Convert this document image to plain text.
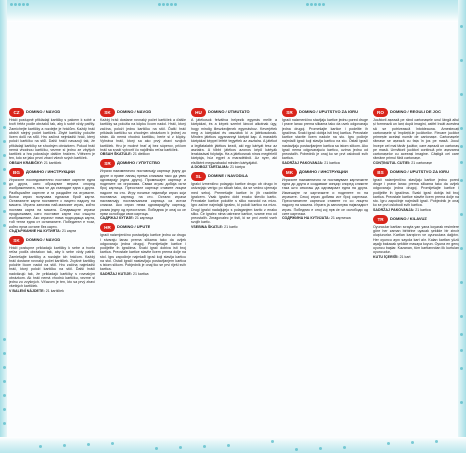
CZ	DOMINO / NÁVOD

Hráči postupně přikládají kartičky s palcem k sobě a tvoří řetěz podle obrázků tak, aby k sobě vždy patřily. Zamíchejte kartičky a rozdejte je hráčům. Každý hráč obdrží stejný počet kartiček. Zbylé kartičky položte lícem dolů na stůl. Hru začíná nejmladší hráč, který položí kartičku na stůl. Další hráči navazují tak, že přikládají kartičky se shodným obrázkem. Pokud hráč nemá vhodnou kartičku, vezme si jednu ze zbylých kartiček a hra pokračuje dalším hráčem. Vítězem je ten, kdo se jako první zbaví všech svých kartiček.

OBSAH KRABIČKY: 21 kartiček
BG	ДОМИНО / ИНСТРУКЦИИ

Играчите последователно поставят картите една до друга, като образуват верига според изображенията, така че да съвпадат една с друга. Разбъркайте картите и ги раздайте на играчите. Всеки играч получава еднакъв брой карти. Останалите карти поставете с лицето надолу на масата. Играта започва най-малкият играч, който поставя карта на масата. Следващите играчи продължават, като поставят карти със същото изображение. Ако играчът няма подходяща карта, той тегли една от останалите. Победител е този, който пръв остане без карти.

СЪДЪРЖАНИЕ НА КУТИЯТА: 21 карти
SK	DOMINO / NÁVOD

Hráči postupne prikladajú kartičky k sebe a tvoria reťaz podľa obrázkov tak, aby k sebe vždy patrili. Zamiešajte kartičky a rozdajte ich hráčom. Každý hráč dostane rovnaký počet kartičiek. Zvyšné kartičky položte lícom nadol na stôl. Hru začína najmladší hráč, ktorý položí kartičku na stôl. Ďalší hráči nadväzujú tak, že prikladajú kartičky s rovnakým obrázkom. Ak hráč nemá vhodnú kartičku, vezme si jednu zo zvyšných. Víťazom je ten, kto sa prvý zbaví všetkých kartičiek.

V BALENÍ NÁJDETE: 21 kartičiek
SK	DOMINO / NÁVOD

Každý hráč dostane rovnaký počet kartičiek a ďalšie kartičky sa položia na kôpku lícom nadol. Hráč, ktorý začína, položí jednu kartičku na stôl. Ďalší hráč prikladá kartičku so zhodným obrázkom k jednej zo strán. Ak nemá vhodnú kartičku, berie si z kôpky. Vyhráva hráč, ktorý sa ako prvý zbaví svojich kartičiek. Hru je možné hrať aj bez súperov, pričom hráč sa snaží vytvoriť čo najdlhšiu reťaz kartičiek.

OBSAH ŠKATULE: 21 dielikov
SR	ДОМИНО / УПУТСТВО

Играчи наизменично постављају картице једну до друге и праве ланац према сликама тако да увек одговарају једна другој. Промешајте картице и поделите их играчима. Сваки играч добија исти број картица. Преостале картице ставите лицем надоле на сто. Игру почиње најмлађи играч који поставља картицу на сто. Остали играчи настављају постављањем картица са истом сликом. Ако играч нема одговарајућу картицу, узима једну од преосталих. Победник је онај ко се први ослободи свих картица.

САДРЖАЈ КУТИЈЕ: 21 картица
HR	DOMINO / UPUTE

Igrači naizmjenično postavljaju kartice jednu uz drugu i stvaraju lanac prema slikama tako da uvijek odgovaraju jedna drugoj. Promiješajte kartice i podijelite ih igračima. Svaki igrač dobiva isti broj kartica. Preostale kartice stavite licem prema dolje na stol. Igru započinje najmlađi igrač koji stavlja karticu na stol. Ostali igrači nastavljaju postavljanjem kartica s istom slikom. Pobjednik je onaj tko se prvi riješi svih kartica.

SADRŽAJ KUTIJE: 21 kartica
HU	DOMINÓ / ÚTMUTATÓ

A játékosok felváltva helyezik egymás mellé a kártyákat, és a képek szerint láncot alkotnak úgy, hogy mindig illeszkedjenek egymáshoz. Keverjétek meg a kártyákat és osszátok ki a játékosoknak. Minden játékos ugyanannyi kártyát kap. A maradék kártyákat képpel lefelé tegyétek az asztalra. A játékot a legfiatalabb játékos kezdi, aki egy kártyát tesz az asztalra. A többi játékos azonos képű kártyák lerakásával folytatja. Ha a játékosnak nincs megfelelő kártyája, húz egyet a maradékból. Az nyer, aki elsőként megszabadul minden kártyájától.

A DOBOZ TARTALMA: 21 kártya
SL	DOMINE / NAVODILA

Igralci izmenično polagajo kartice drugo ob drugo in ustvarjajo verigo po slikah tako, da se vedno ujemajo med seboj. Premešajte kartice in jih razdelite igralcem. Vsak igralec dobi enako število kartic. Preostale kartice položite s sliko navzdol na mizo. Igro začne najmlajši igralec, ki položi kartico na mizo. Drugi igralci nadaljujejo s polaganjem kartic z enako sliko. Če igralec nima ustrezne kartice, vzame eno od preostalih. Zmagovalec je tisti, ki se prvi znebi vseh svojih kartic.

VSEBINA ŠKATLE: 21 kartic
SR	DOMINO / UPUTSTVO ZA IGRU

Igrači naizmenično stavljaju kartice jednu pored druge i prave lanac prema slikama tako da uvek odgovaraju jedna drugoj. Promešajte kartice i podelite ih igračima. Svaki igrač dobija isti broj kartica. Preostale kartice stavite licem nadole na sto. Igru počinje najmlađi igrač koji stavlja karticu na sto. Ostali igrači nastavljaju postavljanjem kartica sa istom slikom. Ako igrač nema odgovarajuću karticu, uzima jednu od preostalih. Pobednik je onaj ko se prvi oslobodi svih kartica.

SADRŽAJ PAKOVANJA: 21 kartica
MK	ДОМИНО / ИНСТРУКЦИИ

Играчите наизменично ги поставуваат картичките една до друга и создаваат синџир според сликите така што секогаш да одговараат една на друга. Измешајте ги картичките и поделете ги на играчите. Секој играч добива ист број картички. Преостанатите картички ставете ги со лицето надолу на масата. Играта ја започнува најмладиот играч. Победник е оној кој прв ќе се ослободи од сите картички.

СОДРЖИНА НА КУТИЈАТА: 21 картичка
RO	DOMINO / REGULI DE JOC

Jucătorii așează pe rând cartonașele unul lângă altul și formează un lanț după imagini, astfel încât acestea să se potrivească întotdeauna. Amestecați cartonașele și împărțiți-le jucătorilor. Fiecare jucător primește același număr de cartonașe. Cartonașele rămase se așează cu fața în jos pe masă. Jocul începe cel mai tânăr jucător, care așează un cartonaș pe masă. Următorii jucători continuă prin așezarea cartonașelor cu aceeași imagine. Câștigă cel care rămâne primul fără cartonașe.

CONȚINUTUL CUTIEI: 21 cartonașe
BS	DOMINO / UPUTSTVO ZA IGRU

Igrači naizmjenično stavljaju kartice jednu pored druge i prave lanac prema slikama tako da uvijek odgovaraju jedna drugoj. Promiješajte kartice i podijelite ih igračima. Svaki igrač dobija isti broj kartica. Preostale kartice stavite licem prema dolje na sto. Igru započinje najmlađi igrač. Pobjednik je onaj ko se prvi oslobodi svih kartica.

SADRŽAJ PAKOVANJA: 21 kartica
TR	DOMINO / KILAVUZ

Oyuncular kartları sırayla yan yana koyarak resimlere göre her zaman birbirine uyacak şekilde bir zincir oluştururlar. Kartları karıştırın ve oyunculara dağıtın. Her oyuncu aynı sayıda kart alır. Kalan kartları yüzü aşağı bakacak şekilde masaya koyun. Oyuna en genç oyuncu başlar. Kazanan, tüm kartlarından ilk kurtulan oyuncudur.

KUTU İÇERİĞİ: 21 kart
